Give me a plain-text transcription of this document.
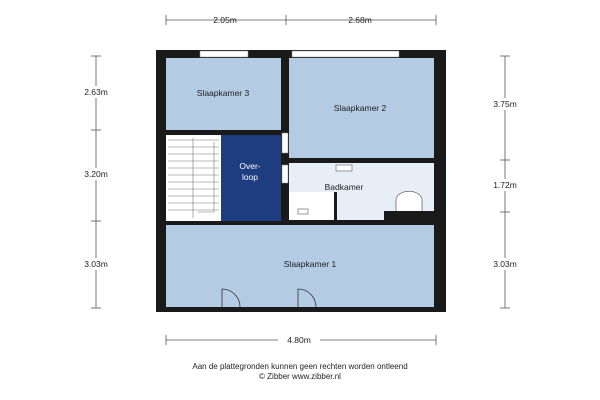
2.05m	2.68m
2.63m
3.20m
3.03m
3.75m
1.72m
3.03m
4.80m
Slaapkamer 3
Slaapkamer 2
Over-
loop
Badkamer
Slaapkamer 1
Aan de plattegronden kunnen geen rechten worden ontleend
© Zibber www.zibber.nl
